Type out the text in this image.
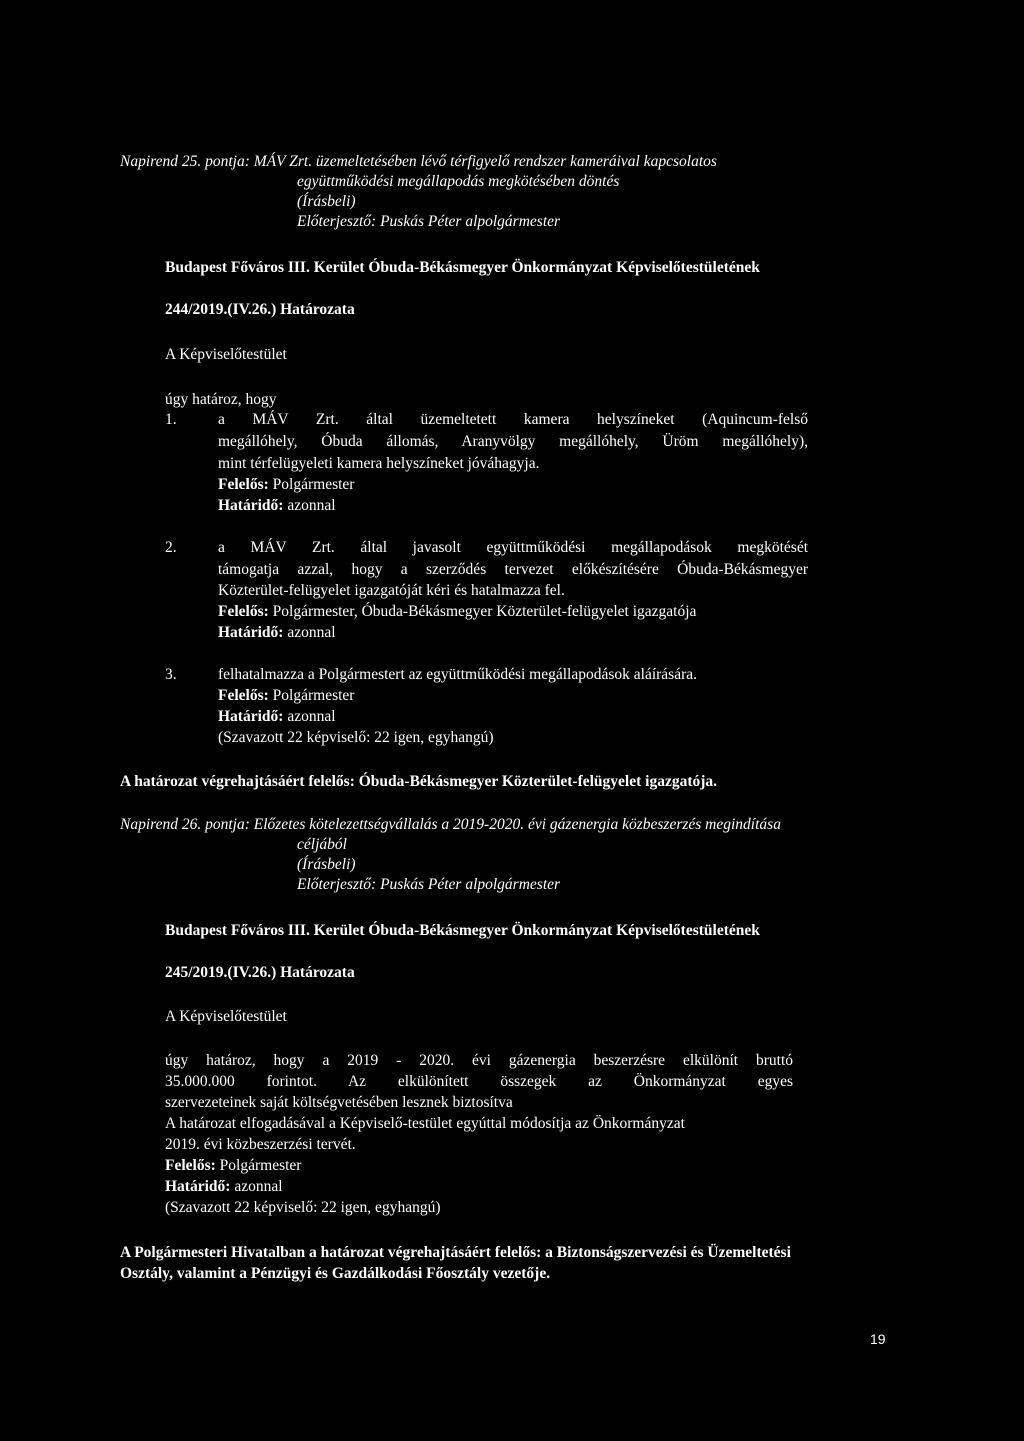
Napirend 25. pontja: MÁV Zrt. üzemeltetésében lévő térfigyelő rendszer kameráival kapcsolatos
együttműködési megállapodás megkötésében döntés
(Írásbeli)
Előterjesztő: Puskás Péter alpolgármester
Budapest Főváros III. Kerület Óbuda-Békásmegyer Önkormányzat Képviselőtestületének
244/2019.(IV.26.) Határozata
A Képviselőtestület
úgy határoz, hogy
1.	a MÁV Zrt. által üzemeltetett kamera helyszíneket (Aquincum-felső
megállóhely, Óbuda állomás, Aranyvölgy megállóhely, Üröm megállóhely),
mint térfelügyeleti kamera helyszíneket jóváhagyja.
Felelős: Polgármester
Határidő: azonnal
2.	a MÁV Zrt. által javasolt együttműködési megállapodások megkötését
támogatja azzal, hogy a szerződés tervezet előkészítésére Óbuda-Békásmegyer
Közterület-felügyelet igazgatóját kéri és hatalmazza fel.
Felelős: Polgármester, Óbuda-Békásmegyer Közterület-felügyelet igazgatója
Határidő: azonnal
3.	felhatalmazza a Polgármestert az együttműködési megállapodások aláírására.
Felelős: Polgármester
Határidő: azonnal
(Szavazott 22 képviselő: 22 igen, egyhangú)
A határozat végrehajtásáért felelős: Óbuda-Békásmegyer Közterület-felügyelet igazgatója.
Napirend 26. pontja: Előzetes kötelezettségvállalás a 2019-2020. évi gázenergia közbeszerzés megindítása
céljából
(Írásbeli)
Előterjesztő: Puskás Péter alpolgármester
Budapest Főváros III. Kerület Óbuda-Békásmegyer Önkormányzat Képviselőtestületének
245/2019.(IV.26.) Határozata
A Képviselőtestület
úgy határoz, hogy a 2019 - 2020. évi gázenergia beszerzésre elkülönít bruttó
35.000.000 forintot. Az elkülönített összegek az Önkormányzat egyes
szervezeteinek saját költségvetésében lesznek biztosítva
A határozat elfogadásával a Képviselő-testület egyúttal módosítja az Önkormányzat
2019. évi közbeszerzési tervét.
Felelős: Polgármester
Határidő: azonnal
(Szavazott 22 képviselő: 22 igen, egyhangú)
A Polgármesteri Hivatalban a határozat végrehajtásáért felelős: a Biztonságszervezési és Üzemeltetési
Osztály, valamint a Pénzügyi és Gazdálkodási Főosztály vezetője.
19
